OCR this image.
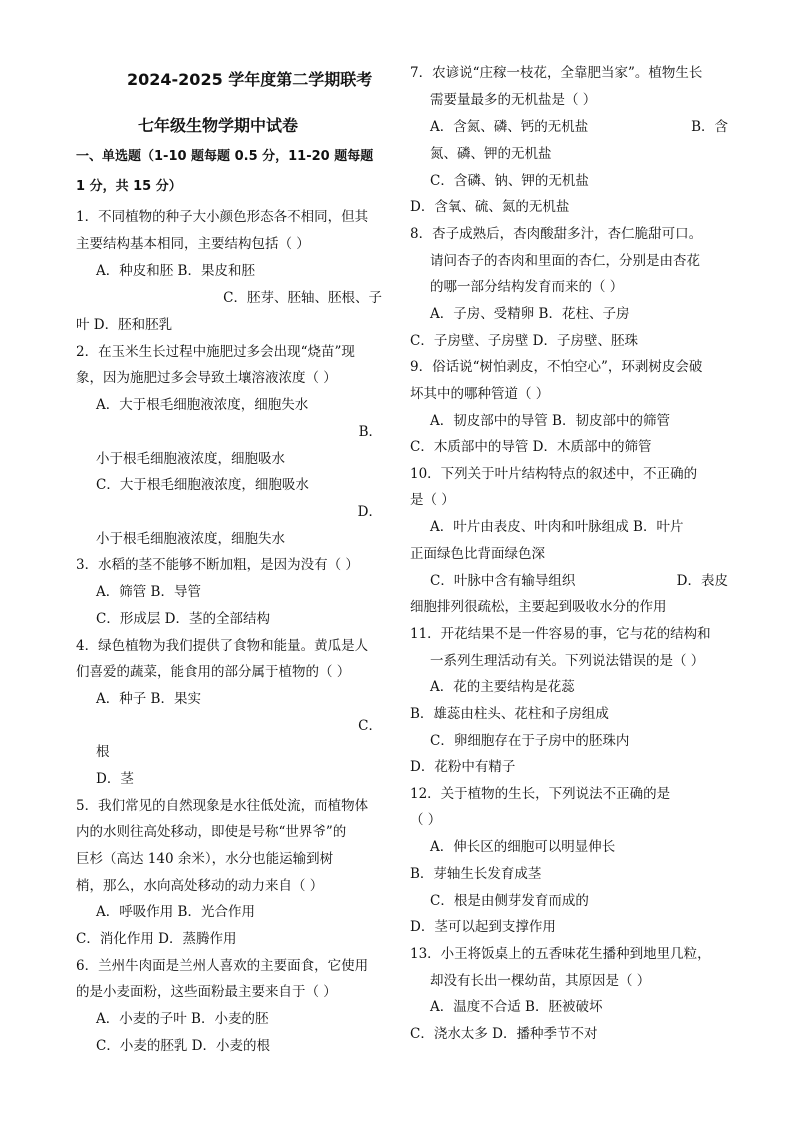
2024-2025 学年度第二学期联考
七年级生物学期中试卷
一、单选题（1-10 题每题 0.5 分，11-20 题每题
1 分，共 15 分）
1．不同植物的种子大小颜色形态各不相同，但其
主要结构基本相同，主要结构包括（ ）
A．种皮和胚 B．果皮和胚
C．胚芽、胚轴、胚根、子
叶 D．胚和胚乳
2．在玉米生长过程中施肥过多会出现“烧苗”现
象，因为施肥过多会导致土壤溶液浓度（ ）
A．大于根毛细胞液浓度，细胞失水
B．
小于根毛细胞液浓度，细胞吸水
C．大于根毛细胞液浓度，细胞吸水
D．
小于根毛细胞液浓度，细胞失水
3．水稻的茎不能够不断加粗，是因为没有（ ）
A．筛管 B．导管
C．形成层 D．茎的全部结构
4．绿色植物为我们提供了食物和能量。黄瓜是人
们喜爱的蔬菜，能食用的部分属于植物的（ ）
A．种子 B．果实
C．
根
D．茎
5．我们常见的自然现象是水往低处流，而植物体
内的水则往高处移动，即使是号称“世界爷”的
巨杉（高达 140 余米），水分也能运输到树
梢，那么，水向高处移动的动力来自（ ）
A．呼吸作用 B．光合作用
C．消化作用 D．蒸腾作用
6．兰州牛肉面是兰州人喜欢的主要面食，它使用
的是小麦面粉，这些面粉最主要来自于（ ）
A．小麦的子叶 B．小麦的胚
C．小麦的胚乳 D．小麦的根
7．农谚说“庄稼一枝花，全靠肥当家”。植物生长
需要量最多的无机盐是（ ）
A．含氮、磷、钙的无机盐	B．含
氮、磷、钾的无机盐
C．含磷、钠、钾的无机盐
D．含氧、硫、氮的无机盐
8．杏子成熟后，杏肉酸甜多汁，杏仁脆甜可口。
请问杏子的杏肉和里面的杏仁，分别是由杏花
的哪一部分结构发育而来的（ ）
A．子房、受精卵 B．花柱、子房
C．子房壁、子房壁 D．子房壁、胚珠
9．俗话说“树怕剥皮，不怕空心”，环剥树皮会破
坏其中的哪种管道（ ）
A．韧皮部中的导管 B．韧皮部中的筛管
C．木质部中的导管 D．木质部中的筛管
10．下列关于叶片结构特点的叙述中，不正确的
是（ ）
A．叶片由表皮、叶肉和叶脉组成 B．叶片
正面绿色比背面绿色深
C．叶脉中含有输导组织	D．表皮
细胞排列很疏松，主要起到吸收水分的作用
11．开花结果不是一件容易的事，它与花的结构和
一系列生理活动有关。下列说法错误的是（ ）
A．花的主要结构是花蕊
B．雄蕊由柱头、花柱和子房组成
C．卵细胞存在于子房中的胚珠内
D．花粉中有精子
12．关于植物的生长，下列说法不正确的是
（ ）
A．伸长区的细胞可以明显伸长
B．芽轴生长发育成茎
C．根是由侧芽发育而成的
D．茎可以起到支撑作用
13．小王将饭桌上的五香味花生播种到地里几粒，
却没有长出一棵幼苗，其原因是（ ）
A．温度不合适 B．胚被破坏
C．浇水太多 D．播种季节不对
